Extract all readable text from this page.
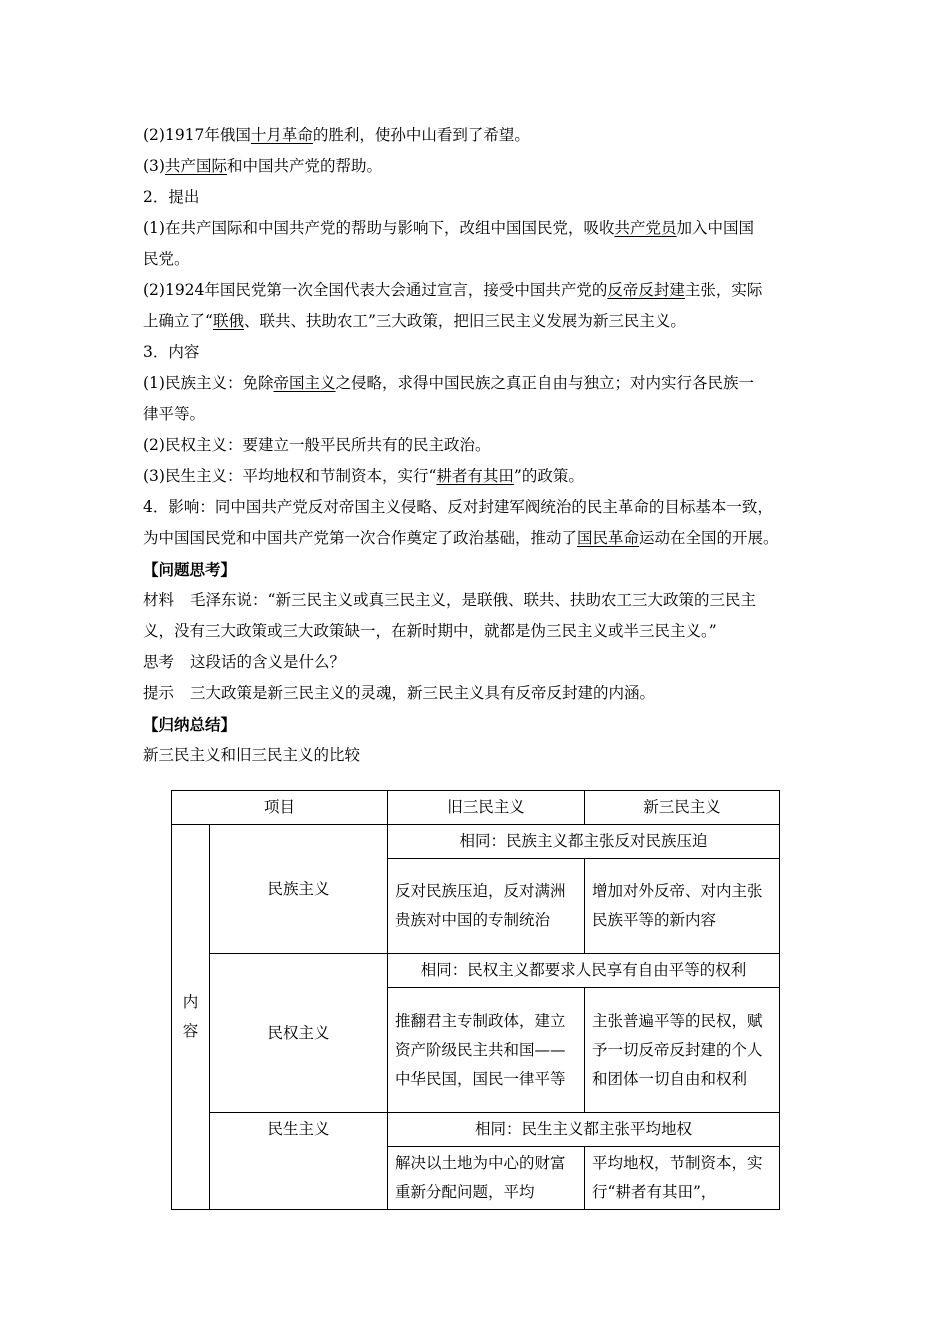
(2)1917年俄国十月革命的胜利，使孙中山看到了希望。
(3)共产国际和中国共产党的帮助。
2．提出
(1)在共产国际和中国共产党的帮助与影响下，改组中国国民党，吸收共产党员加入中国国
民党。
(2)1924年国民党第一次全国代表大会通过宣言，接受中国共产党的反帝反封建主张，实际
上确立了“联俄、联共、扶助农工”三大政策，把旧三民主义发展为新三民主义。
3．内容
(1)民族主义：免除帝国主义之侵略，求得中国民族之真正自由与独立；对内实行各民族一
律平等。
(2)民权主义：要建立一般平民所共有的民主政治。
(3)民生主义：平均地权和节制资本，实行“耕者有其田”的政策。
4．影响：同中国共产党反对帝国主义侵略、反对封建军阀统治的民主革命的目标基本一致，
为中国国民党和中国共产党第一次合作奠定了政治基础，推动了国民革命运动在全国的开展。
【问题思考】
材料 毛泽东说：“新三民主义或真三民主义，是联俄、联共、扶助农工三大政策的三民主
义，没有三大政策或三大政策缺一，在新时期中，就都是伪三民主义或半三民主义。”
思考 这段话的含义是什么？
提示 三大政策是新三民主义的灵魂，新三民主义具有反帝反封建的内涵。
【归纳总结】
新三民主义和旧三民主义的比较
项目		旧三民主义	新三民主义

内
容	民族主义	相同：民族主义都主张反对民族压迫	
		反对民族压迫，反对满洲贵族对中国的专制统治	增加对外反帝、对内主张民族平等的新内容
	民权主义	相同：民权主义都要求人民享有自由平等的权利	
		推翻君主专制政体，建立资产阶级民主共和国——中华民国，国民一律平等	主张普遍平等的民权，赋予一切反帝反封建的个人和团体一切自由和权利
	民生主义	相同：民生主义都主张平均地权	
		解决以土地为中心的财富重新分配问题，平均	平均地权，节制资本，实行“耕者有其田”，
